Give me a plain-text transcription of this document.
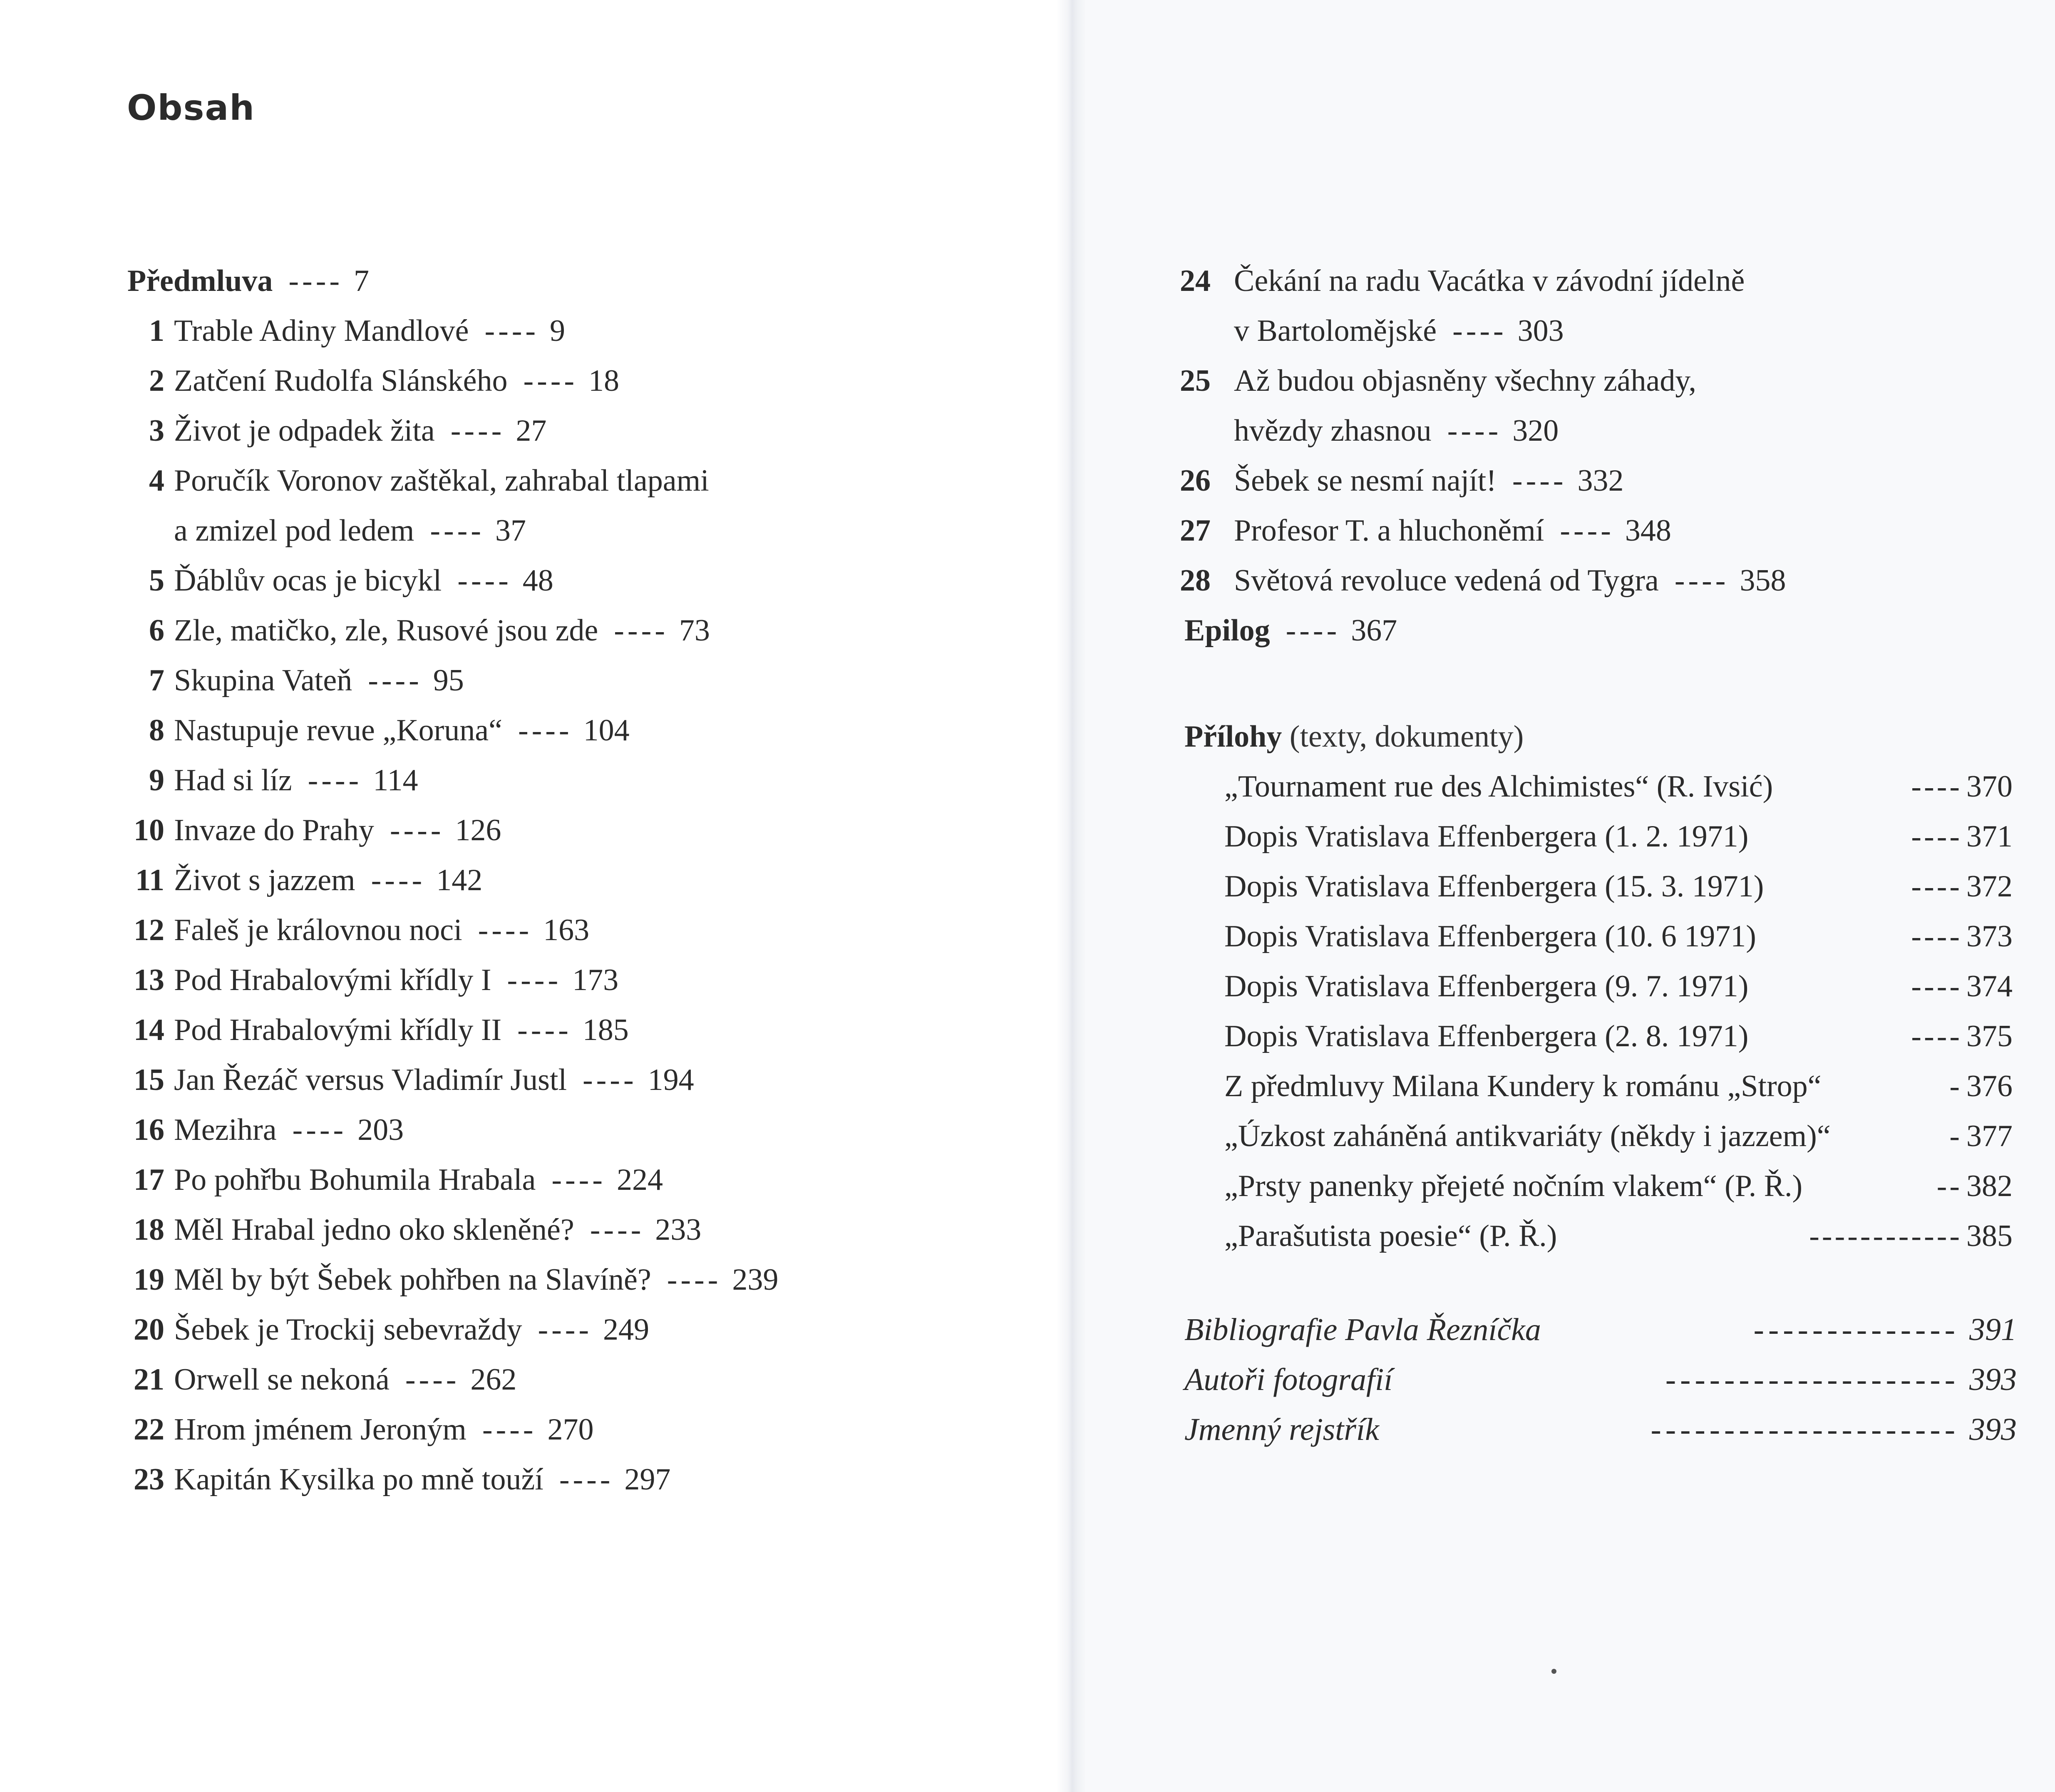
Obsah
Předmluva ---- 7
1 Trable Adiny Mandlové ---- 9
2 Zatčení Rudolfa Slánského ---- 18
3 Život je odpadek žita ---- 27
4 Poručík Voronov zaštěkal, zahrabal tlapami
a zmizel pod ledem ---- 37
5 Ďáblův ocas je bicykl ---- 48
6 Zle, matičko, zle, Rusové jsou zde ---- 73
7 Skupina Vateň ---- 95
8 Nastupuje revue „Koruna“ ---- 104
9 Had si líz ---- 114
10 Invaze do Prahy ---- 126
11 Život s jazzem ---- 142
12 Faleš je královnou noci ---- 163
13 Pod Hrabalovými křídly I ---- 173
14 Pod Hrabalovými křídly II ---- 185
15 Jan Řezáč versus Vladimír Justl ---- 194
16 Mezihra ---- 203
17 Po pohřbu Bohumila Hrabala ---- 224
18 Měl Hrabal jedno oko skleněné? ---- 233
19 Měl by být Šebek pohřben na Slavíně? ---- 239
20 Šebek je Trockij sebevraždy ---- 249
21 Orwell se nekoná ---- 262
22 Hrom jménem Jeroným ---- 270
23 Kapitán Kysilka po mně touží ---- 297
24 Čekání na radu Vacátka v závodní jídelně
v Bartolomějské ---- 303
25 Až budou objasněny všechny záhady,
hvězdy zhasnou ---- 320
26 Šebek se nesmí najít! ---- 332
27 Profesor T. a hluchoněmí ---- 348
28 Světová revoluce vedená od Tygra ---- 358
Epilog ---- 367
Přílohy (texty, dokumenty)
„Tournament rue des Alchimistes“ (R. Ivsić)	---- 370
Dopis Vratislava Effenbergera (1. 2. 1971)	---- 371
Dopis Vratislava Effenbergera (15. 3. 1971)	---- 372
Dopis Vratislava Effenbergera (10. 6 1971)	---- 373
Dopis Vratislava Effenbergera (9. 7. 1971)	---- 374
Dopis Vratislava Effenbergera (2. 8. 1971)	---- 375
Z předmluvy Milana Kundery k románu „Strop“	- 376
„Úzkost zaháněná antikvariáty (někdy i jazzem)“	- 377
„Prsty panenky přejeté nočním vlakem“ (P. Ř.)	-- 382
„Parašutista poesie“ (P. Ř.)	------------ 385
Bibliografie Pavla Řezníčka	-------------- 391
Autoři fotografií	-------------------- 393
Jmenný rejstřík	--------------------- 393
